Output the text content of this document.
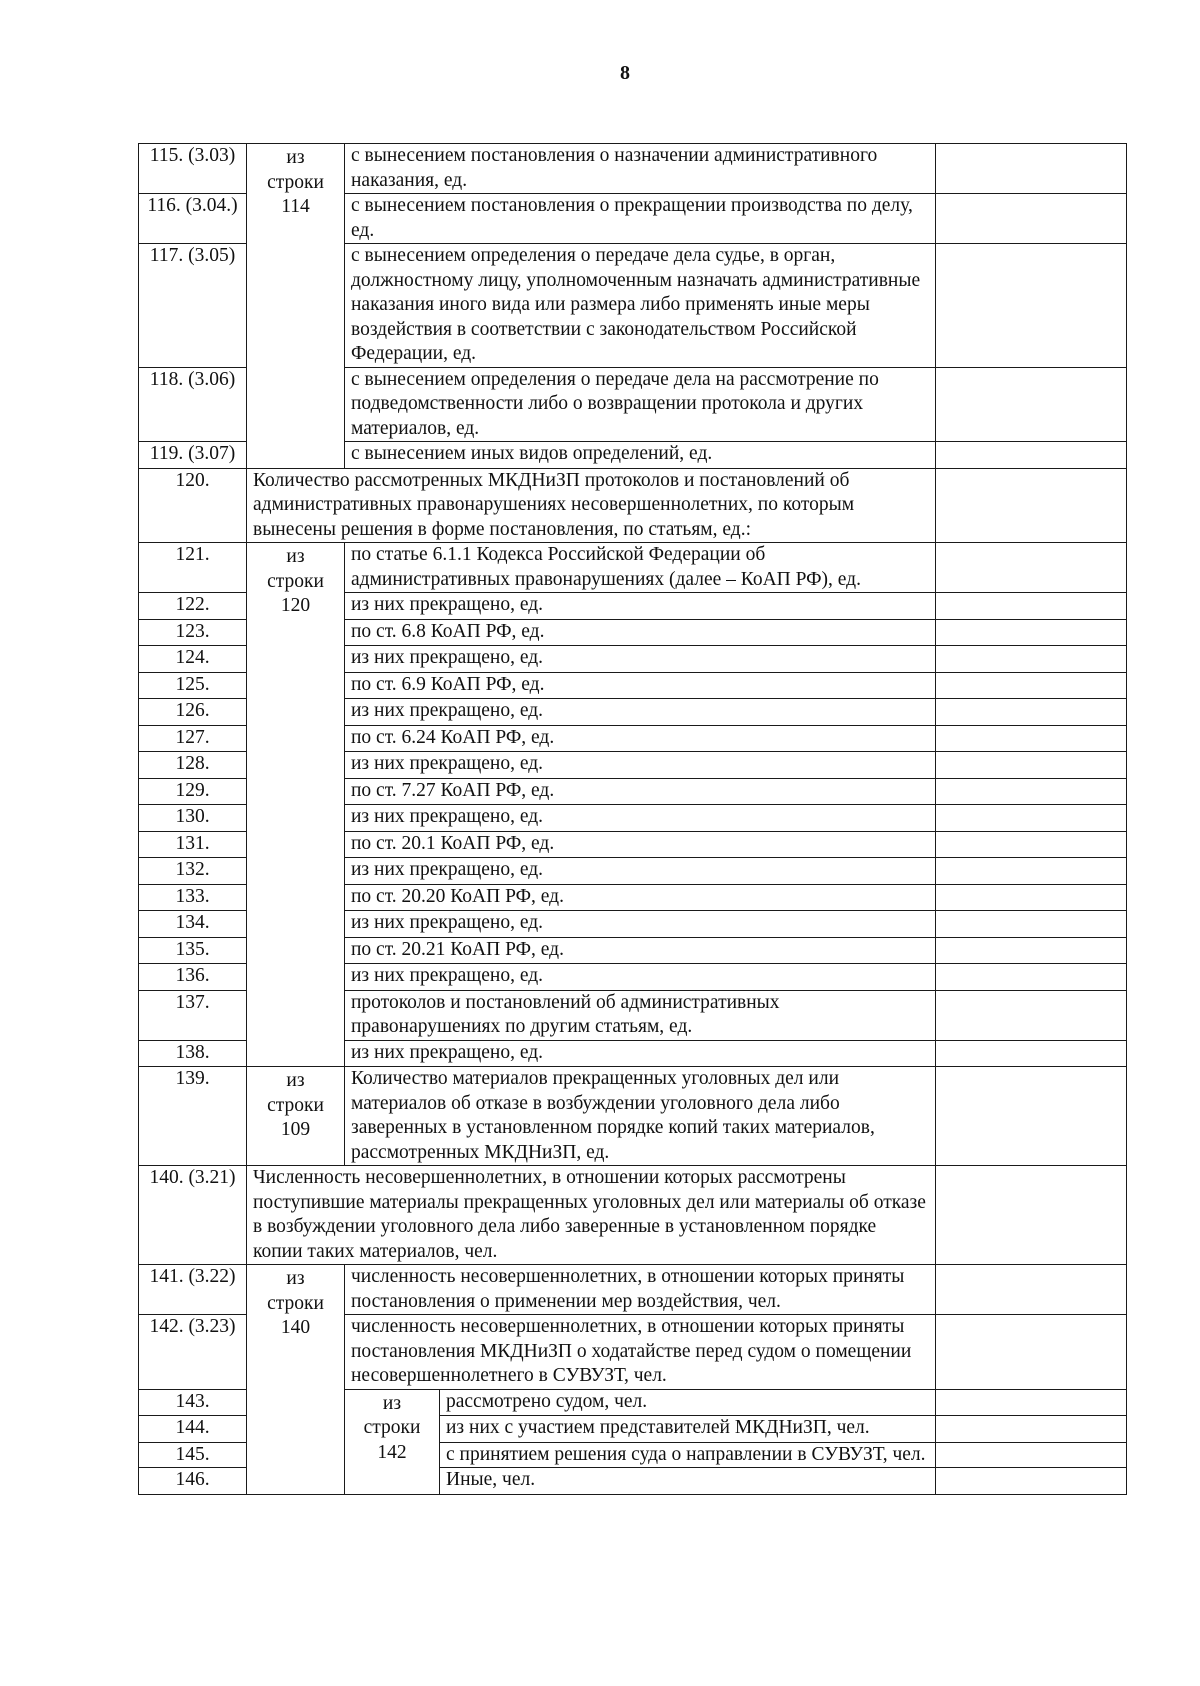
8
115. (3.03)	из
строки
114	с вынесением постановления о назначении административного наказания, ед.		
116. (3.04.)		с вынесением постановления о прекращении производства по делу, ед.		
117. (3.05)		с вынесением определения о передаче дела судье, в орган, должностному лицу, уполномоченным назначать административные наказания иного вида или размера либо применять иные меры воздействия в соответствии с законодательством Российской Федерации, ед.		
118. (3.06)		с вынесением определения о передаче дела на рассмотрение по подведомственности либо о возвращении протокола и других материалов, ед.		
119. (3.07)		с вынесением иных видов определений, ед.		
120.	Количество рассмотренных МКДНиЗП протоколов и постановлений об административных правонарушениях несовершеннолетних, по которым вынесены решения в форме постановления, по статьям, ед.:			
121.	из
строки
120	по статье 6.1.1 Кодекса Российской Федерации об административных правонарушениях (далее – КоАП РФ), ед.		
122.		из них прекращено, ед.		
123.		по ст. 6.8 КоАП РФ, ед.		
124.		из них прекращено, ед.		
125.		по ст. 6.9 КоАП РФ, ед.		
126.		из них прекращено, ед.		
127.		по ст. 6.24 КоАП РФ, ед.		
128.		из них прекращено, ед.		
129.		по ст. 7.27 КоАП РФ, ед.		
130.		из них прекращено, ед.		
131.		по ст. 20.1 КоАП РФ, ед.		
132.		из них прекращено, ед.		
133.		по ст. 20.20 КоАП РФ, ед.		
134.		из них прекращено, ед.		
135.		по ст. 20.21 КоАП РФ, ед.		
136.		из них прекращено, ед.		
137.		протоколов и постановлений об административных правонарушениях по другим статьям, ед.		
138.		из них прекращено, ед.		
139.	из
строки
109	Количество материалов прекращенных уголовных дел или материалов об отказе в возбуждении уголовного дела либо заверенных в установленном порядке копий таких материалов, рассмотренных МКДНиЗП, ед.		
140. (3.21)	Численность несовершеннолетних, в отношении которых рассмотрены поступившие материалы прекращенных уголовных дел или материалы об отказе в возбуждении уголовного дела либо заверенные в установленном порядке копии таких материалов, чел.			
141. (3.22)	из
строки
140	численность несовершеннолетних, в отношении которых приняты постановления о применении мер воздействия, чел.		
142. (3.23)		численность несовершеннолетних, в отношении которых приняты постановления МКДНиЗП о ходатайстве перед судом о помещении несовершеннолетнего в СУВУЗТ, чел.		
143.		из
строки
142	рассмотрено судом, чел.	
144.			из них с участием представителей МКДНиЗП, чел.	
145.			с принятием решения суда о направлении в СУВУЗТ, чел.	
146.			Иные, чел.	
